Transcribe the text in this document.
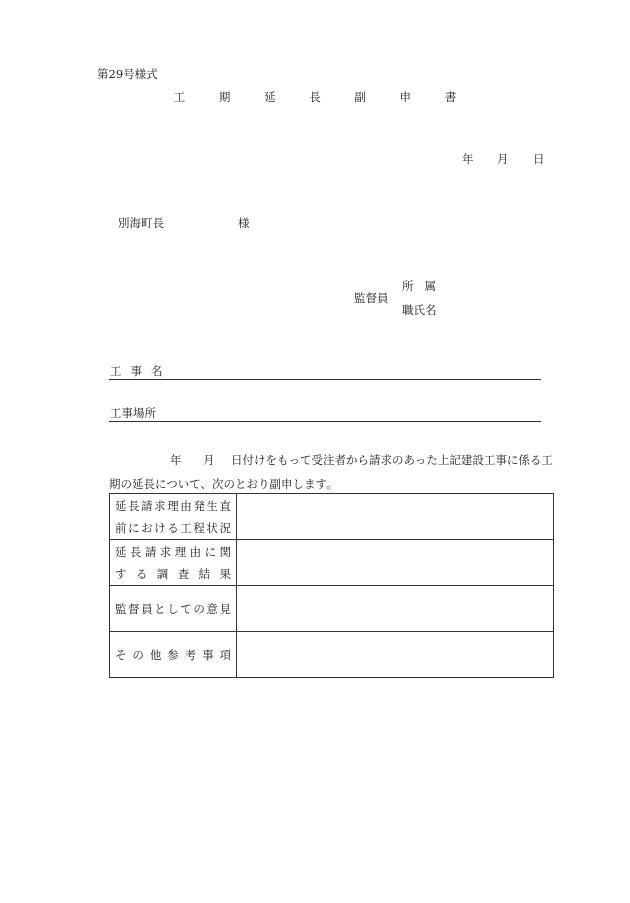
第29号様式
工 期 延 長 副 申 書
年 月 日
別海町長	様
監督員
所属
職氏名
工事名
工事場所
年 月 日付けをもって受注者から請求のあった上記建設工事に係る工
期の延長について、次のとおり副申します。
延長請求理由発生直
前における工程状況	

延長請求理由に関
する調査結果	

監督員としての意見	

その他参考事項	
